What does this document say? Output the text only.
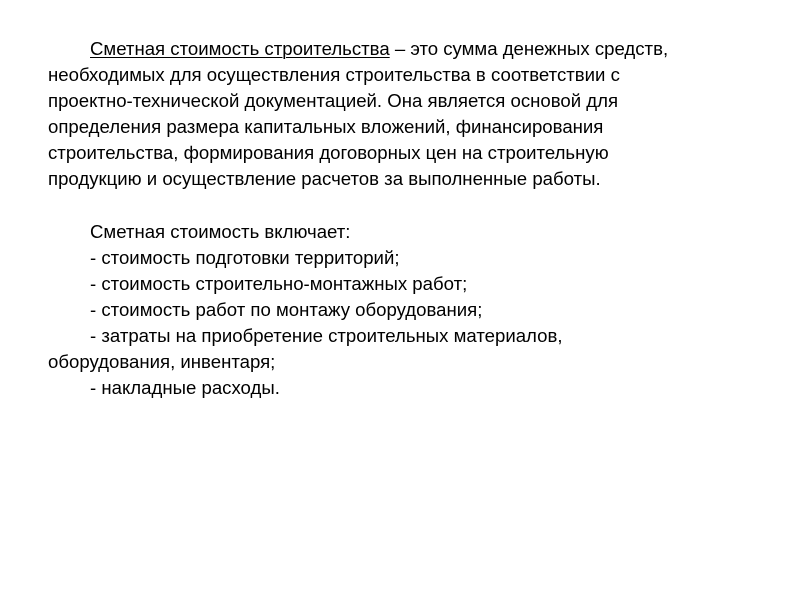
Сметная стоимость строительства – это сумма денежных средств,
необходимых для осуществления строительства в соответствии с
проектно-технической документацией. Она является основой для
определения размера капитальных вложений, финансирования
строительства, формирования договорных цен на строительную
продукцию и осуществление расчетов за выполненные работы.
Сметная стоимость включает:
- стоимость подготовки территорий;
- стоимость строительно-монтажных работ;
- стоимость работ по монтажу оборудования;
- затраты на приобретение строительных материалов,
оборудования, инвентаря;
- накладные расходы.
